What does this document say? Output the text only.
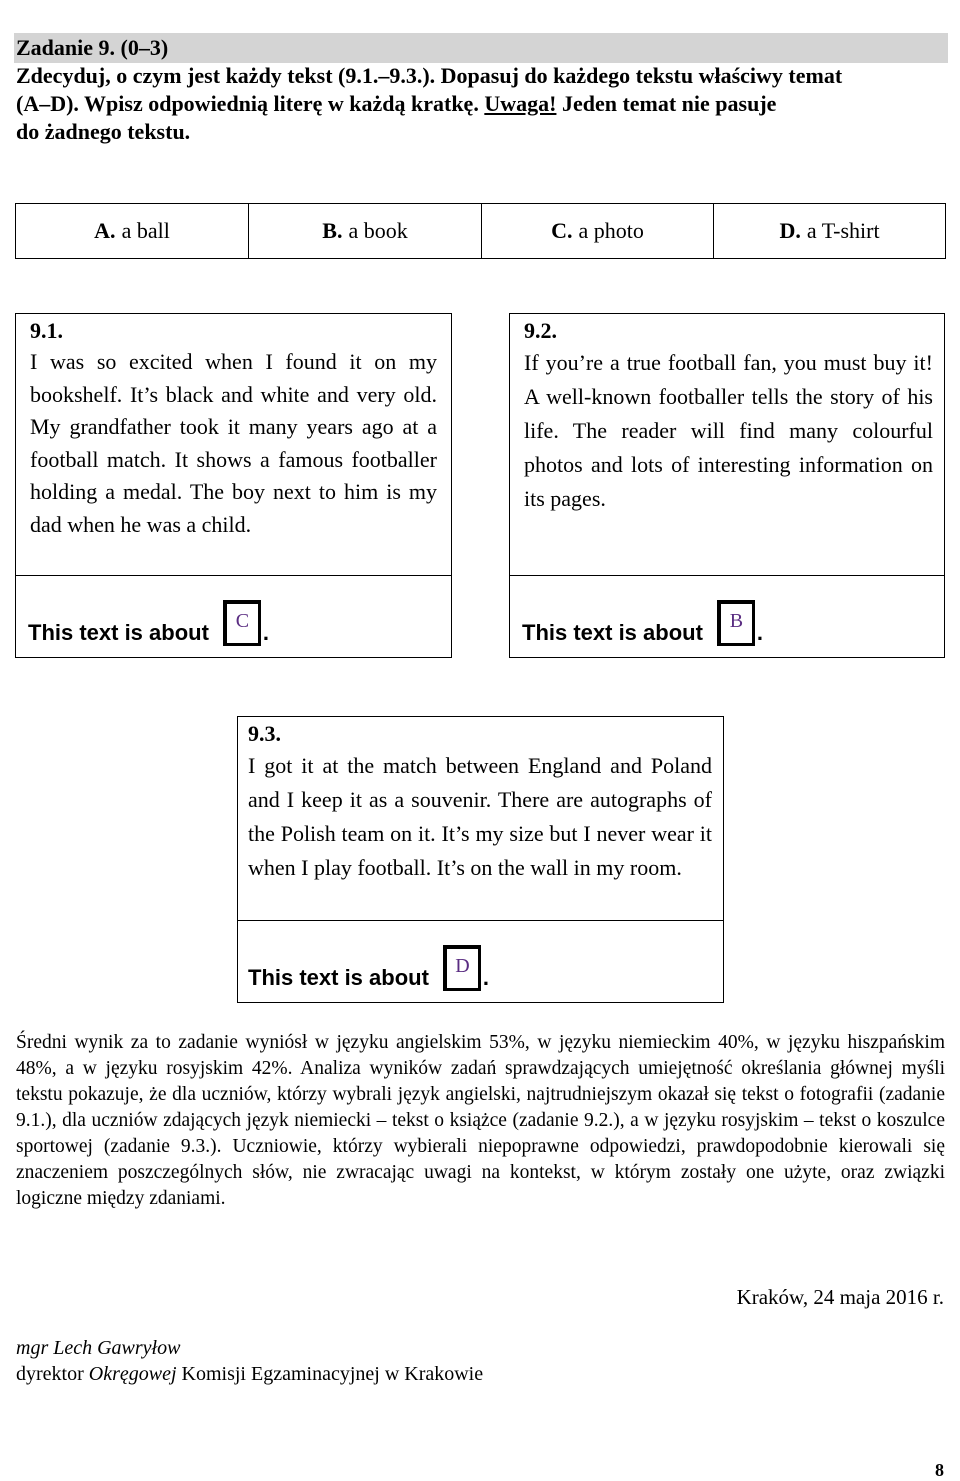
Zadanie 9. (0–3)
Zdecyduj, o czym jest każdy tekst (9.1.–9.3.). Dopasuj do każdego tekstu właściwy temat
(A–D). Wpisz odpowiednią literę w każdą kratkę. Uwaga! Jeden temat nie pasuje
do żadnego tekstu.
A. a ball	B. a book	C. a photo	D. a T-shirt
9.1.
I was so excited when I found it on my bookshelf. It’s black and white and very old. My grandfather took it many years ago at a football match. It shows a famous footballer holding a medal. The boy next to him is my dad when he was a child.
This text is about	C .
9.2.
If you’re a true football fan, you must buy it! A well-known footballer tells the story of his life. The reader will find many colourful photos and lots of interesting information on its pages.
This text is about	B .
9.3.
I got it at the match between England and Poland and I keep it as a souvenir. There are autographs of the Polish team on it. It’s my size but I never wear it when I play football. It’s on the wall in my room.
This text is about	D .
Średni wynik za to zadanie wyniósł w języku angielskim 53%, w języku niemieckim 40%, w języku hiszpańskim 48%, a w języku rosyjskim 42%. Analiza wyników zadań sprawdzających umiejętność określania głównej myśli tekstu pokazuje, że dla uczniów, którzy wybrali język angielski, najtrudniejszym okazał się tekst o fotografii (zadanie 9.1.), dla uczniów zdających język niemiecki – tekst o książce (zadanie 9.2.), a w języku rosyjskim – tekst o koszulce sportowej (zadanie 9.3.). Uczniowie, którzy wybierali niepoprawne odpowiedzi, prawdopodobnie kierowali się znaczeniem poszczególnych słów, nie zwracając uwagi na kontekst, w którym zostały one użyte, oraz związki logiczne między zdaniami.
Kraków, 24 maja 2016 r.
mgr Lech Gawryłow
dyrektor Okręgowej Komisji Egzaminacyjnej w Krakowie
8
